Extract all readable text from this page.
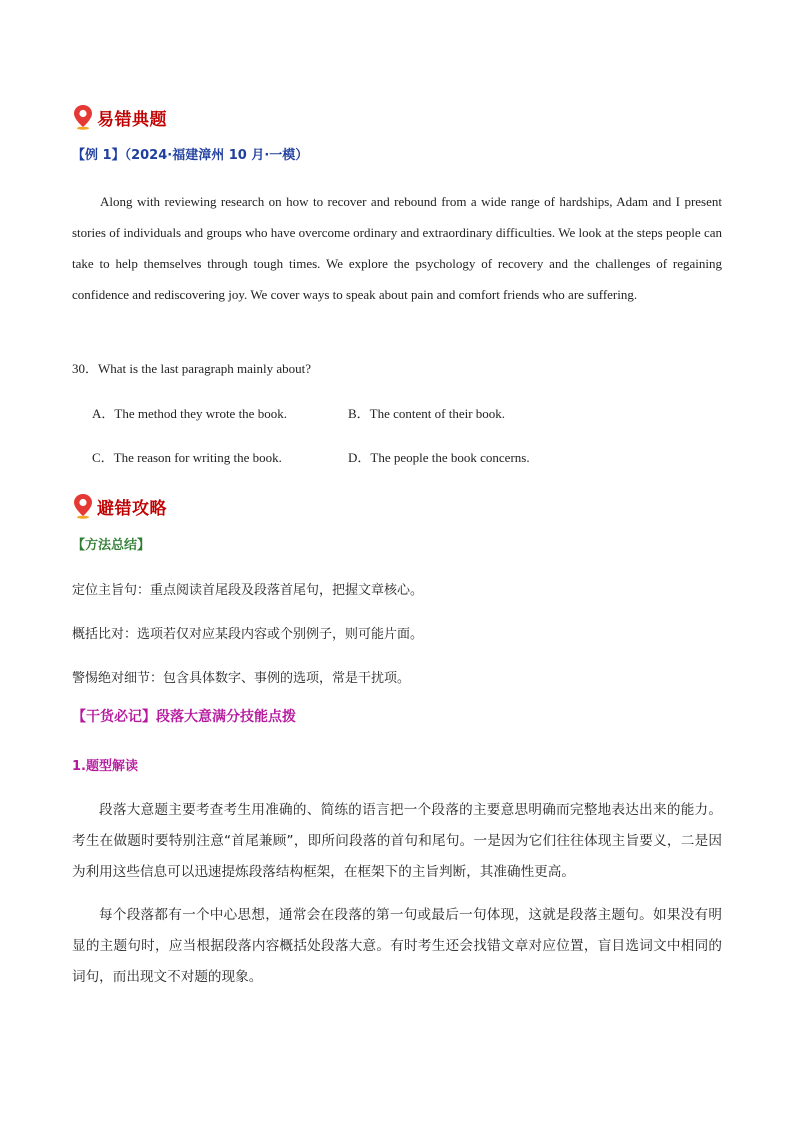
易错典题
【例 1】（2024·福建漳州 10 月·一模）
Along with reviewing research on how to recover and rebound from a wide range of hardships, Adam and I present stories of individuals and groups who have overcome ordinary and extraordinary difficulties. We look at the steps people can take to help themselves through tough times. We explore the psychology of recovery and the challenges of regaining confidence and rediscovering joy. We cover ways to speak about pain and comfort friends who are suffering.
30．What is the last paragraph mainly about?
A．The method they wrote the book.	B．The content of their book.
C．The reason for writing the book.	D．The people the book concerns.
避错攻略
【方法总结】
定位主旨句：重点阅读首尾段及段落首尾句，把握文章核心。
概括比对：选项若仅对应某段内容或个别例子，则可能片面。
警惕绝对细节：包含具体数字、事例的选项，常是干扰项。
【干货必记】段落大意满分技能点拨
1.题型解读
段落大意题主要考查考生用准确的、简练的语言把一个段落的主要意思明确而完整地表达出来的能力。考生在做题时要特别注意“首尾兼顾”，即所问段落的首句和尾句。一是因为它们往往体现主旨要义，二是因为利用这些信息可以迅速提炼段落结构框架，在框架下的主旨判断，其准确性更高。
每个段落都有一个中心思想，通常会在段落的第一句或最后一句体现，这就是段落主题句。如果没有明显的主题句时，应当根据段落内容概括处段落大意。有时考生还会找错文章对应位置，盲目选词文中相同的词句，而出现文不对题的现象。
